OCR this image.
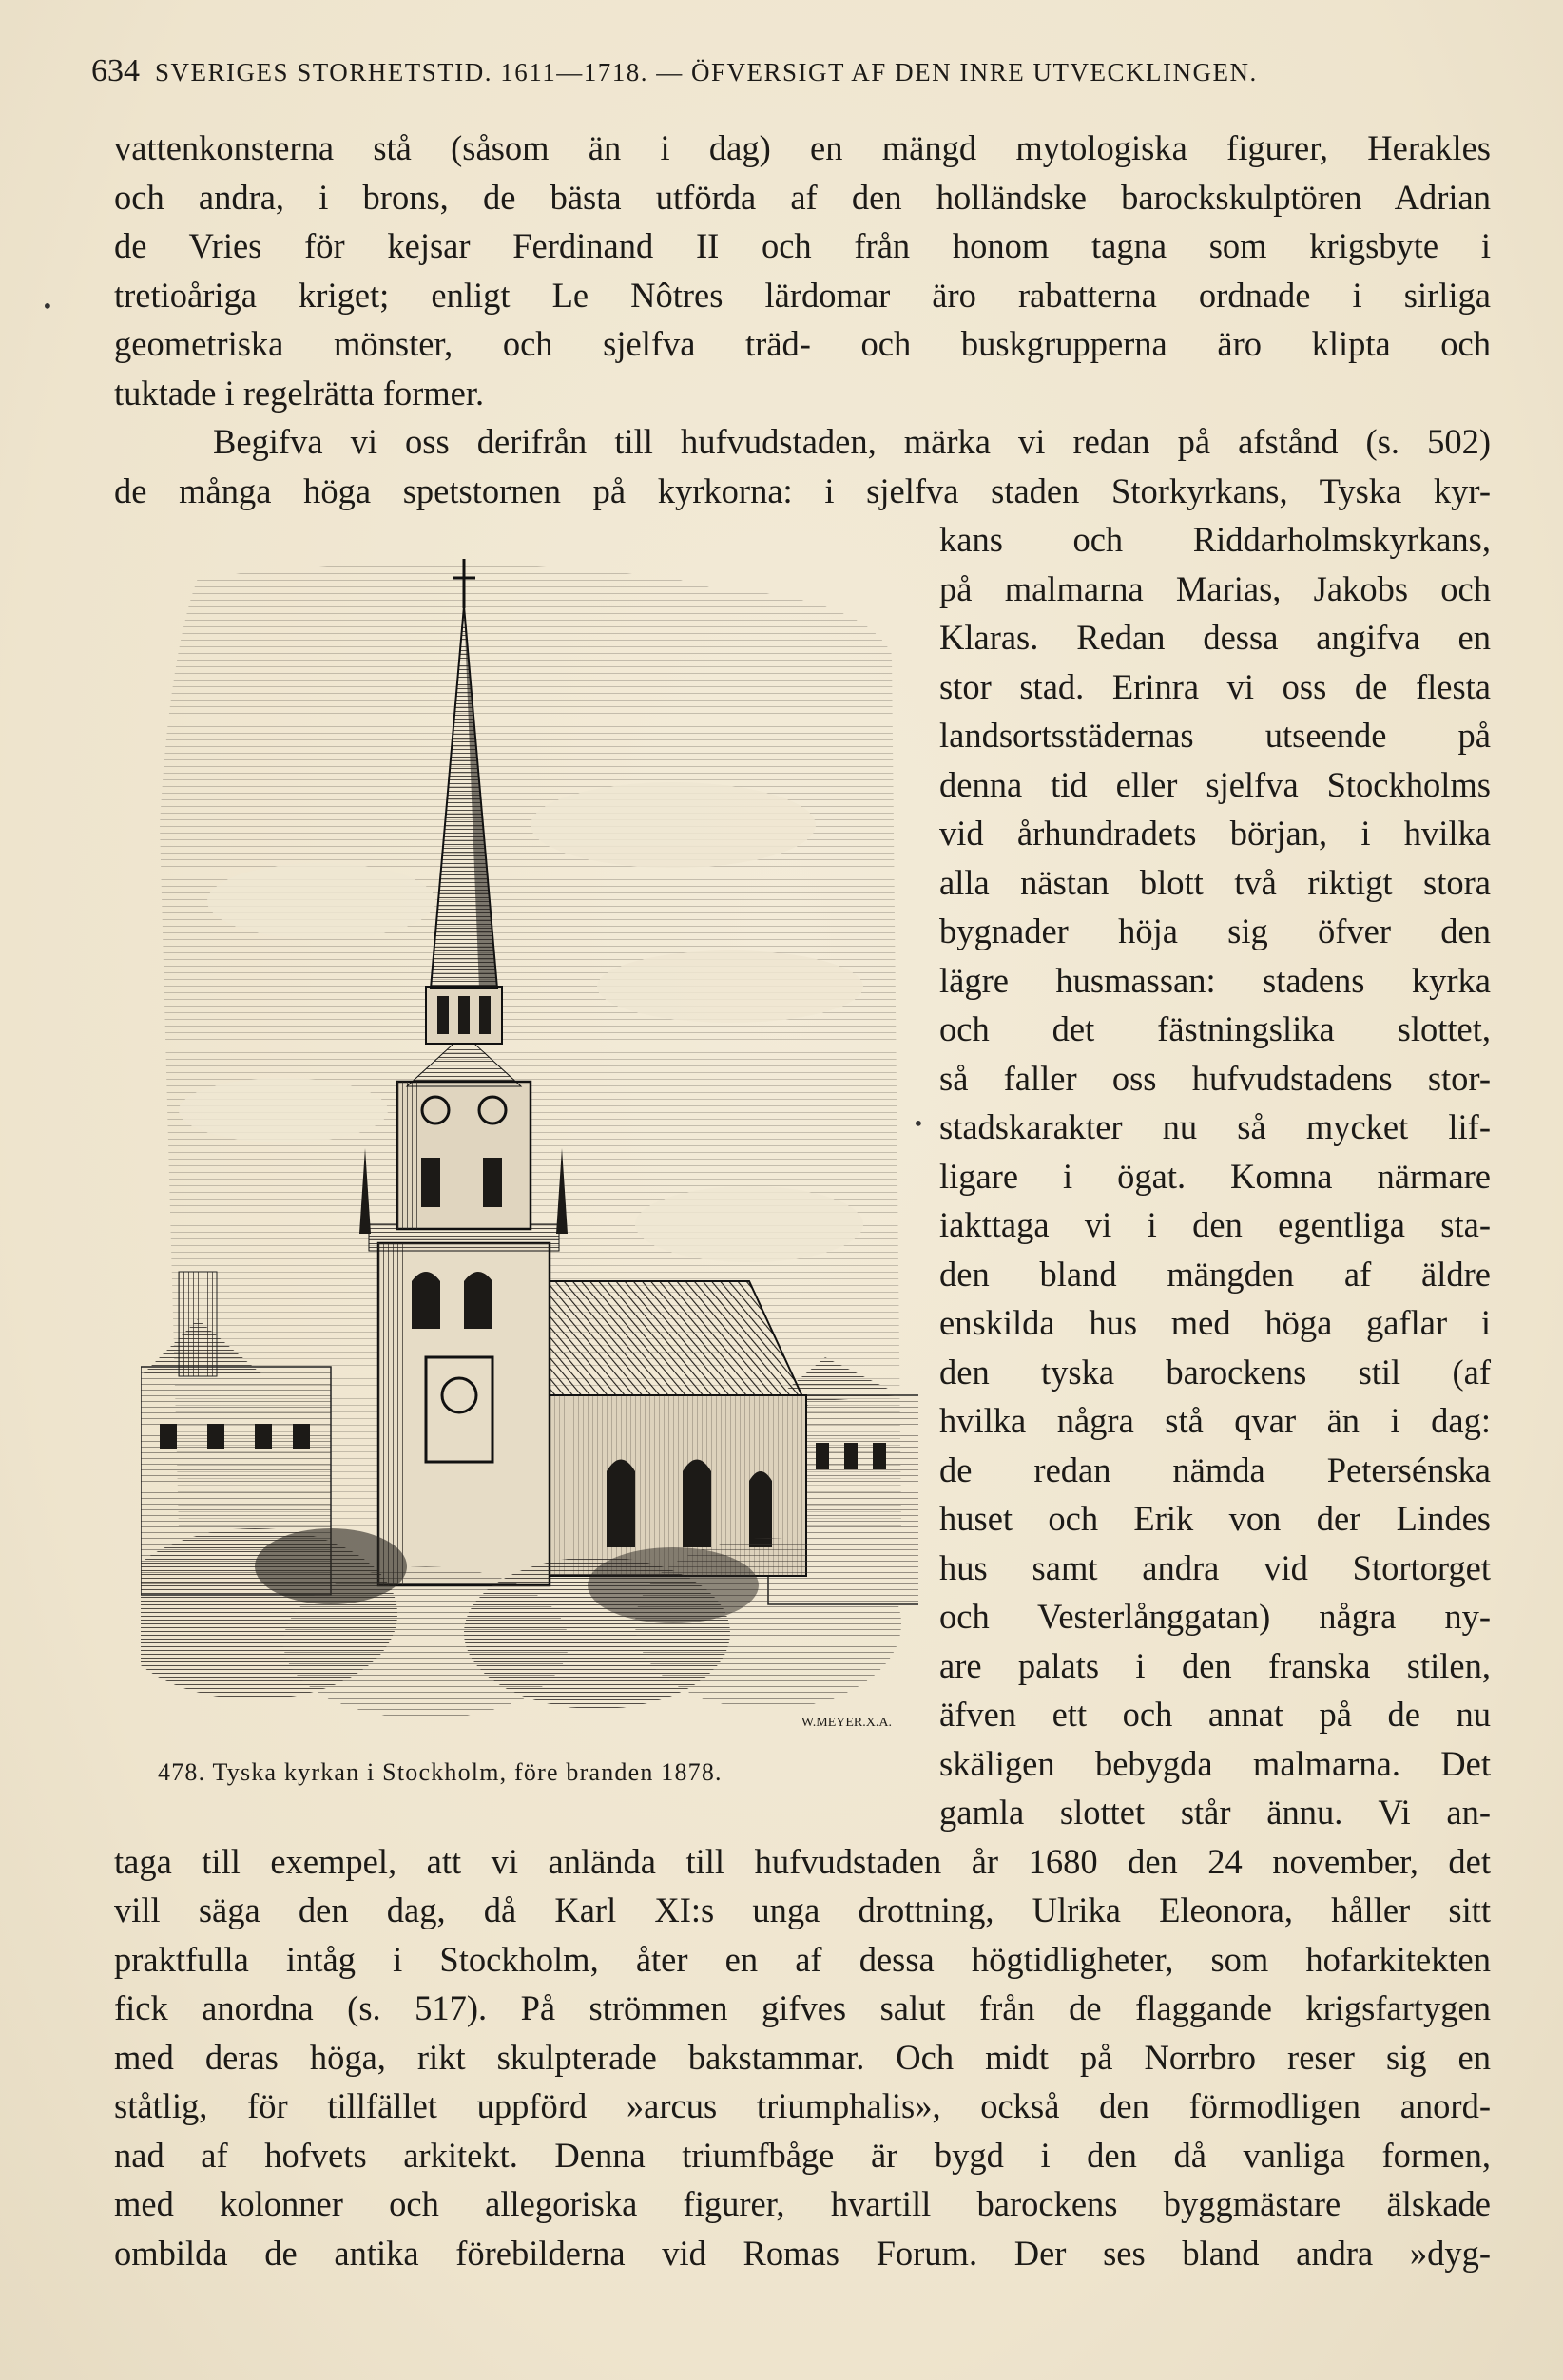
634 SVERIGES STORHETSTID. 1611—1718. — ÖFVERSIGT AF DEN INRE UTVECKLINGEN.
vattenkonsterna stå (såsom än i dag) en mängd mytologiska figurer, Herakles
och andra, i brons, de bästa utförda af den holländske barockskulptören Adrian
de Vries för kejsar Ferdinand II och från honom tagna som krigsbyte i
tretioåriga kriget; enligt Le Nôtres lärdomar äro rabatterna ordnade i sirliga
geometriska mönster, och sjelfva träd- och buskgrupperna äro klipta och
tuktade i regelrätta former.
Begifva vi oss derifrån till hufvudstaden, märka vi redan på afstånd (s. 502)
de många höga spetstornen på kyrkorna: i sjelfva staden Storkyrkans, Tyska kyr-
kans och Riddarholmskyrkans,
på malmarna Marias, Jakobs och
Klaras. Redan dessa angifva en
stor stad. Erinra vi oss de flesta
landsortsstädernas utseende på
denna tid eller sjelfva Stockholms
vid århundradets början, i hvilka
alla nästan blott två riktigt stora
bygnader höja sig öfver den
lägre husmassan: stadens kyrka
och det fästningslika slottet,
så faller oss hufvudstadens stor-
stadskarakter nu så mycket lif-
ligare i ögat. Komna närmare
iakttaga vi i den egentliga sta-
den bland mängden af äldre
enskilda hus med höga gaflar i
den tyska barockens stil (af
hvilka några stå qvar än i dag:
de redan nämda Petersénska
huset och Erik von der Lindes
hus samt andra vid Stortorget
och Vesterlånggatan) några ny-
are palats i den franska stilen,
äfven ett och annat på de nu
skäligen bebygda malmarna. Det
gamla slottet står ännu. Vi an-
taga till exempel, att vi anlända till hufvudstaden år 1680 den 24 november, det
vill säga den dag, då Karl XI:s unga drottning, Ulrika Eleonora, håller sitt
praktfulla intåg i Stockholm, åter en af dessa högtidligheter, som hofarkitekten
fick anordna (s. 517). På strömmen gifves salut från de flaggande krigsfartygen
med deras höga, rikt skulpterade bakstammar. Och midt på Norrbro reser sig en
ståtlig, för tillfället uppförd »arcus triumphalis», också den förmodligen anord-
nad af hofvets arkitekt. Denna triumfbåge är bygd i den då vanliga formen,
med kolonner och allegoriska figurer, hvartill barockens byggmästare älskade
ombilda de antika förebilderna vid Romas Forum. Der ses bland andra »dyg-
W.MEYER.X.A.
478. Tyska kyrkan i Stockholm, före branden 1878.
•
•
